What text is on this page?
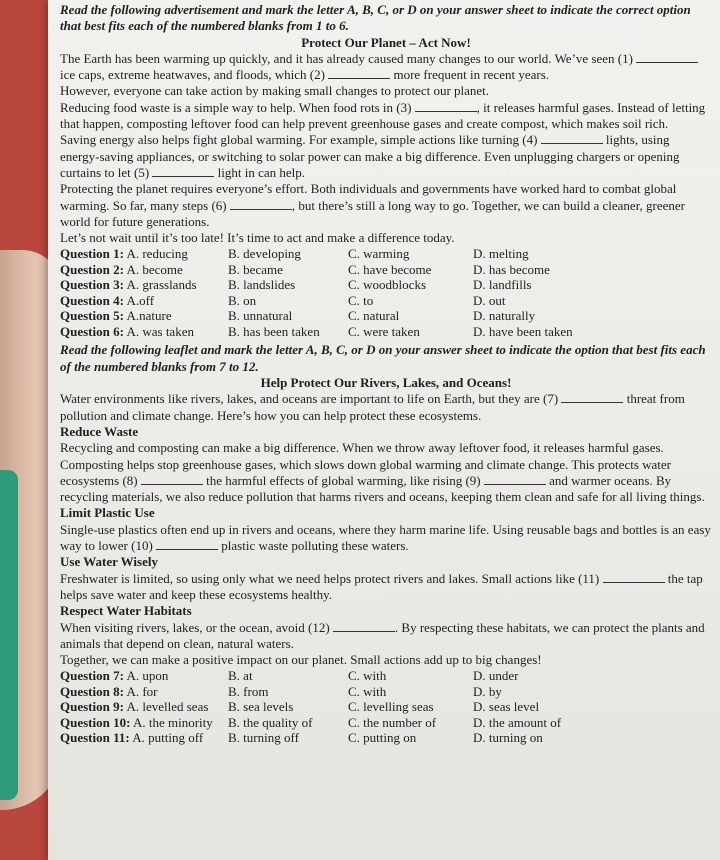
Read the following advertisement and mark the letter A, B, C, or D on your answer sheet to indicate the correct option that best fits each of the numbered blanks from 1 to 6.

Protect Our Planet – Act Now!

The Earth has been warming up quickly, and it has already caused many changes to our world. We’ve seen (1)  ice caps, extreme heatwaves, and floods, which (2)	more frequent in recent years.

However, everyone can take action by making small changes to protect our planet.

Reducing food waste is a simple way to help. When food rots in (3)	, it releases harmful gases. Instead of letting that happen, composting leftover food can help prevent greenhouse gases and create compost, which makes soil rich.

Saving energy also helps fight global warming. For example, simple actions like turning (4)	lights, using energy-saving appliances, or switching to solar power can make a big difference. Even unplugging chargers or opening curtains to let (5)	light in can help.

Protecting the planet requires everyone’s effort. Both individuals and governments have worked hard to combat global warming. So far, many steps (6)	, but there’s still a long way to go. Together, we can build a cleaner, greener world for future generations.

Let’s not wait until it’s too late! It’s time to act and make a difference today.

Question 1: A. reducing	B. developing	C. warming	D. melting
Question 2: A. become	B. became	C. have become	D. has become
Question 3: A. grasslands	B. landslides	C. woodblocks	D. landfills
Question 4: A.off	B. on	C. to	D. out
Question 5: A.nature	B. unnatural	C. natural	D. naturally
Question 6: A. was taken	B. has been taken	C. were taken	D. have been taken

Read the following leaflet and mark the letter A, B, C, or D on your answer sheet to indicate the option that best fits each of the numbered blanks from 7 to 12.

Help Protect Our Rivers, Lakes, and Oceans!

Water environments like rivers, lakes, and oceans are important to life on Earth, but they are (7)	threat from pollution and climate change. Here’s how you can help protect these ecosystems.

Reduce Waste

Recycling and composting can make a big difference. When we throw away leftover food, it releases harmful gases. Composting helps stop greenhouse gases, which slows down global warming and climate change. This protects water ecosystems (8)	the harmful effects of global warming, like rising (9)	and warmer oceans. By recycling materials, we also reduce pollution that harms rivers and oceans, keeping them clean and safe for all living things.

Limit Plastic Use

Single-use plastics often end up in rivers and oceans, where they harm marine life. Using reusable bags and bottles is an easy way to lower (10)	plastic waste polluting these waters.

Use Water Wisely

Freshwater is limited, so using only what we need helps protect rivers and lakes. Small actions like (11)	the tap helps save water and keep these ecosystems healthy.

Respect Water Habitats

When visiting rivers, lakes, or the ocean, avoid (12)	. By respecting these habitats, we can protect the plants and animals that depend on clean, natural waters.

Together, we can make a positive impact on our planet. Small actions add up to big changes!

Question 7: A. upon	B. at	C. with	D. under
Question 8: A. for	B. from	C. with	D. by
Question 9: A. levelled seas	B. sea levels	C. levelling seas	D. seas level
Question 10: A. the minority	B. the quality of	C. the number of	D. the amount of
Question 11: A. putting off	B. turning off	C. putting on	D. turning on
